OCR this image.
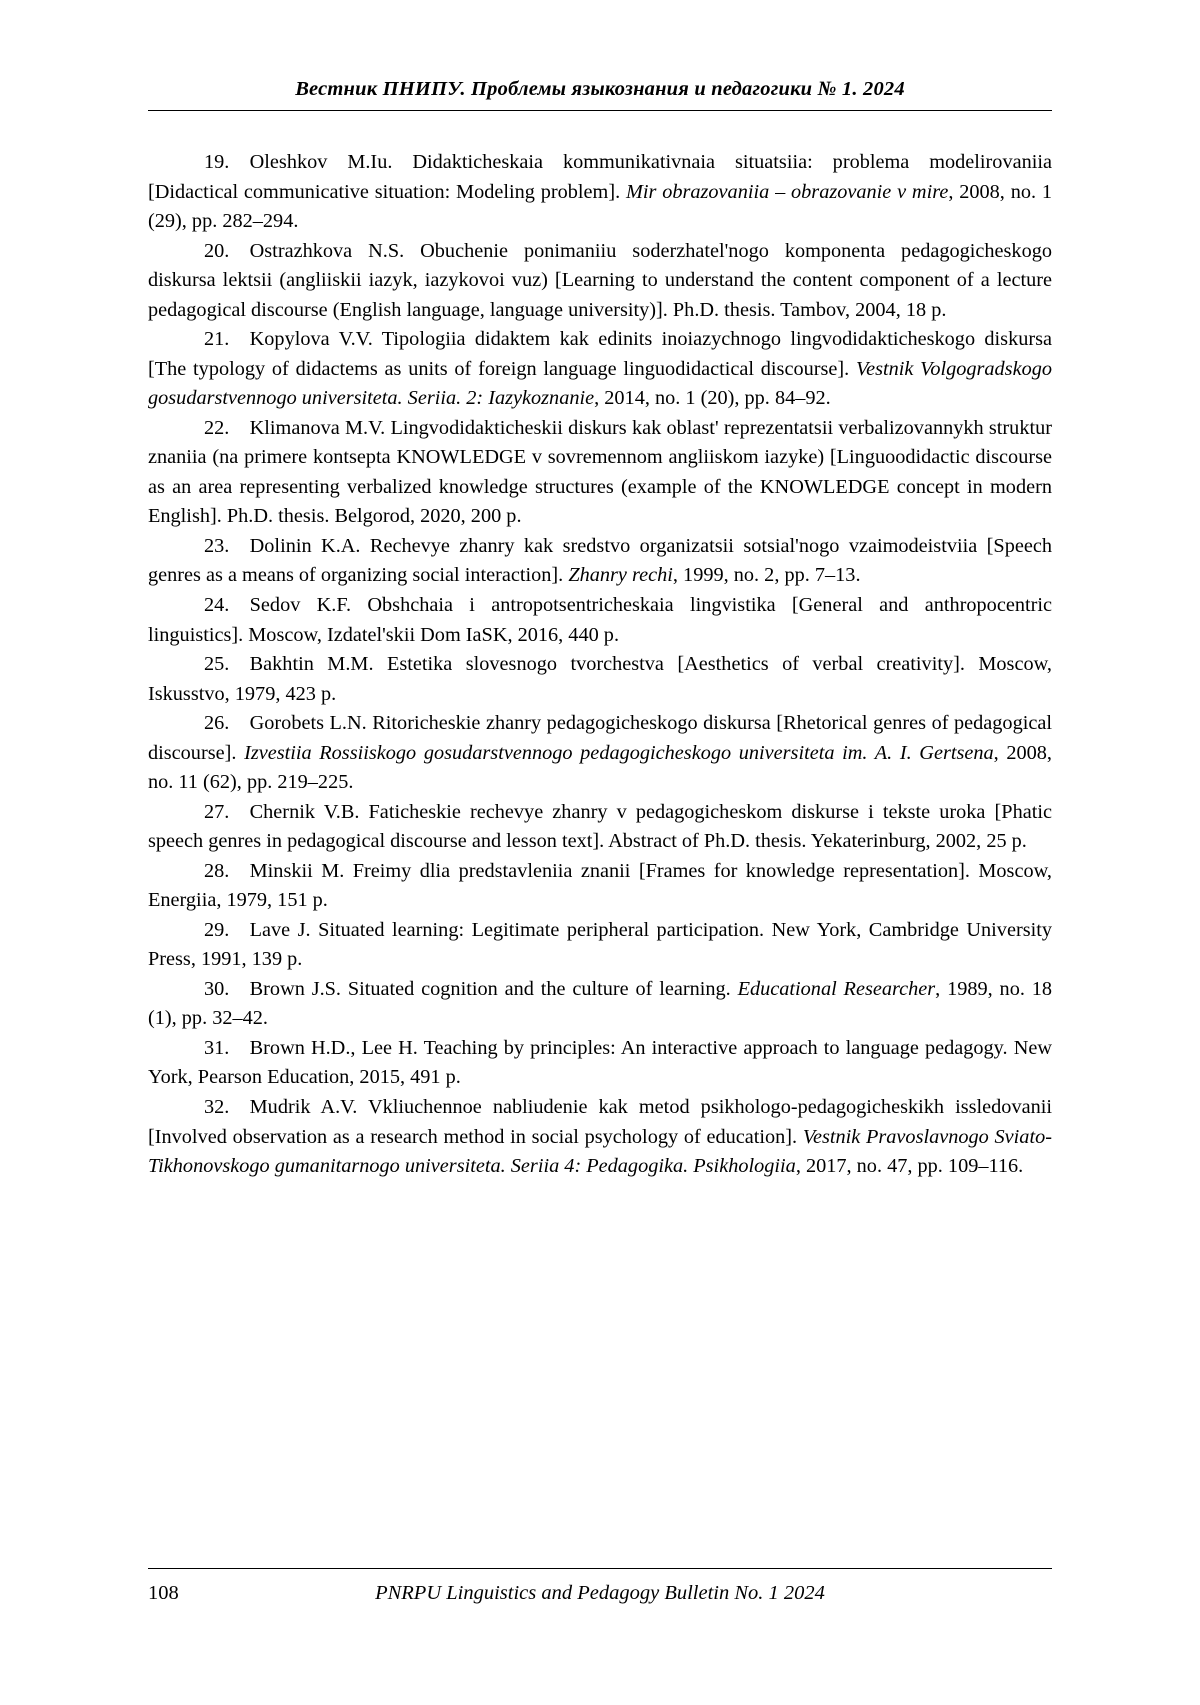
Вестник ПНИПУ. Проблемы языкознания и педагогики № 1. 2024

19.  Oleshkov M.Iu. Didakticheskaia kommunikativnaia situatsiia: problema modelirovaniia [Didactical communicative situation: Modeling problem]. Mir obrazovaniia – obrazovanie v mire, 2008, no. 1 (29), pp. 282–294.

20.  Ostrazhkova N.S. Obuchenie ponimaniiu soderzhatel'nogo komponenta pedagogicheskogo diskursa lektsii (angliiskii iazyk, iazykovoi vuz) [Learning to understand the content component of a lecture pedagogical discourse (English language, language university)]. Ph.D. thesis. Tambov, 2004, 18 p.

21.  Kopylova V.V. Tipologiia didaktem kak edinits inoiazychnogo lingvodidakticheskogo diskursa [The typology of didactems as units of foreign language linguodidactical discourse]. Vestnik Volgogradskogo gosudarstvennogo universiteta. Seriia. 2: Iazykoznanie, 2014, no. 1 (20), pp. 84–92.

22.  Klimanova M.V. Lingvodidakticheskii diskurs kak oblast' reprezentatsii verbalizovannykh struktur znaniia (na primere kontsepta KNOWLEDGE v sovremennom angliiskom iazyke) [Linguoodidactic discourse as an area representing verbalized knowledge structures (example of the KNOWLEDGE concept in modern English]. Ph.D. thesis. Belgorod, 2020, 200 p.

23.  Dolinin K.A. Rechevye zhanry kak sredstvo organizatsii sotsial'nogo vzaimodeistviia [Speech genres as a means of organizing social interaction]. Zhanry rechi, 1999, no. 2, pp. 7–13.

24.  Sedov K.F. Obshchaia i antropotsentricheskaia lingvistika [General and anthropocentric linguistics]. Moscow, Izdatel'skii Dom IaSK, 2016, 440 p.

25.  Bakhtin M.M. Estetika slovesnogo tvorchestva [Aesthetics of verbal creativity]. Moscow, Iskusstvo, 1979, 423 p.

26.  Gorobets L.N. Ritoricheskie zhanry pedagogicheskogo diskursa [Rhetorical genres of pedagogical discourse]. Izvestiia Rossiiskogo gosudarstvennogo pedagogicheskogo universiteta im. A. I. Gertsena, 2008, no. 11 (62), pp. 219–225.

27.  Chernik V.B. Faticheskie rechevye zhanry v pedagogicheskom diskurse i tekste uroka [Phatic speech genres in pedagogical discourse and lesson text]. Abstract of Ph.D. thesis. Yekaterinburg, 2002, 25 p.

28.  Minskii M. Freimy dlia predstavleniia znanii [Frames for knowledge representation]. Moscow, Energiia, 1979, 151 p.

29.  Lave J. Situated learning: Legitimate peripheral participation. New York, Cambridge University Press, 1991, 139 p.

30.  Brown J.S. Situated cognition and the culture of learning. Educational Researcher, 1989, no. 18 (1), pp. 32–42.

31.  Brown H.D., Lee H. Teaching by principles: An interactive approach to language pedagogy. New York, Pearson Education, 2015, 491 p.

32.  Mudrik A.V. Vkliuchennoe nabliudenie kak metod psikhologo-pedagogicheskikh issledovanii [Involved observation as a research method in social psychology of education]. Vestnik Pravoslavnogo Sviato-Tikhonovskogo gumanitarnogo universiteta. Seriia 4: Pedagogika. Psikhologiia, 2017, no. 47, pp. 109–116.

108	PNRPU Linguistics and Pedagogy Bulletin No. 1 2024
